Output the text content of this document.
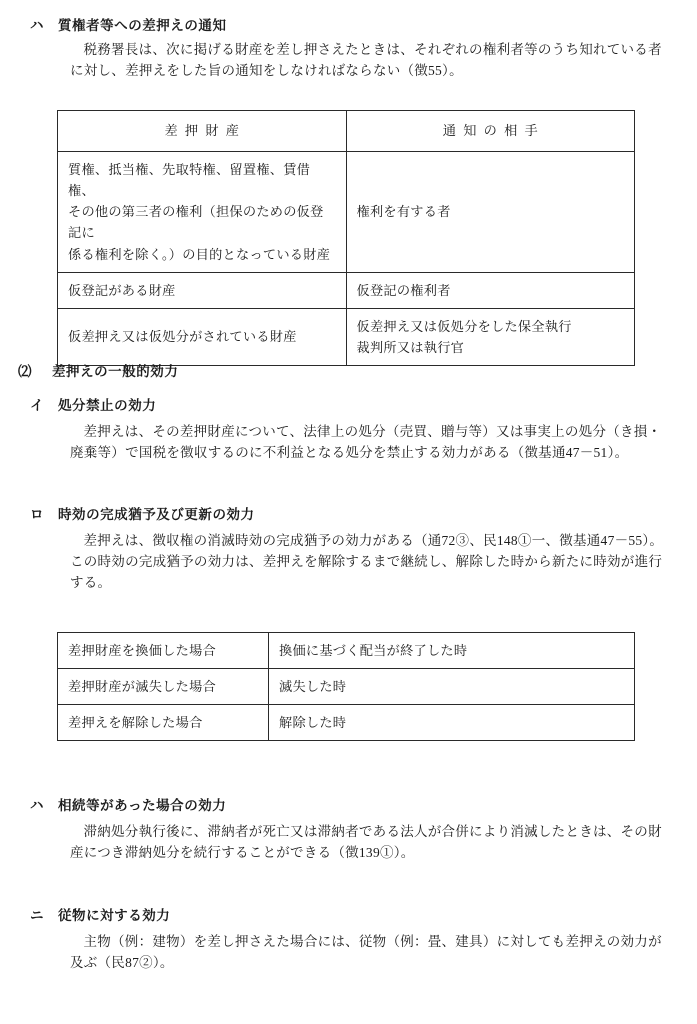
ハ	質権者等への差押えの通知
税務署長は、次に掲げる財産を差し押さえたときは、それぞれの権利者等のうち知れている者
に対し、差押えをした旨の通知をしなければならない（徴55）。
差押財産	通知の相手

質権、抵当権、先取特権、留置権、賃借権、
その他の第三者の権利（担保のための仮登記に
係る権利を除く。）の目的となっている財産	権利を有する者

仮登記がある財産	仮登記の権利者

仮差押え又は仮処分がされている財産	仮差押え又は仮処分をした保全執行
裁判所又は執行官
⑵	差押えの一般的効力
イ	処分禁止の効力
差押えは、その差押財産について、法律上の処分（売買、贈与等）又は事実上の処分（き損・
廃棄等）で国税を徴収するのに不利益となる処分を禁止する効力がある（徴基通47－51）。
ロ	時効の完成猶予及び更新の効力
差押えは、徴収権の消滅時効の完成猶予の効力がある（通72③、民148①一、徴基通47－55）。
この時効の完成猶予の効力は、差押えを解除するまで継続し、解除した時から新たに時効が進行
する。
差押財産を換価した場合	換価に基づく配当が終了した時
差押財産が滅失した場合	滅失した時
差押えを解除した場合	解除した時
ハ	相続等があった場合の効力
滞納処分執行後に、滞納者が死亡又は滞納者である法人が合併により消滅したときは、その財
産につき滞納処分を続行することができる（徴139①）。
ニ	従物に対する効力
主物（例：建物）を差し押さえた場合には、従物（例：畳、建具）に対しても差押えの効力が
及ぶ（民87②）。
